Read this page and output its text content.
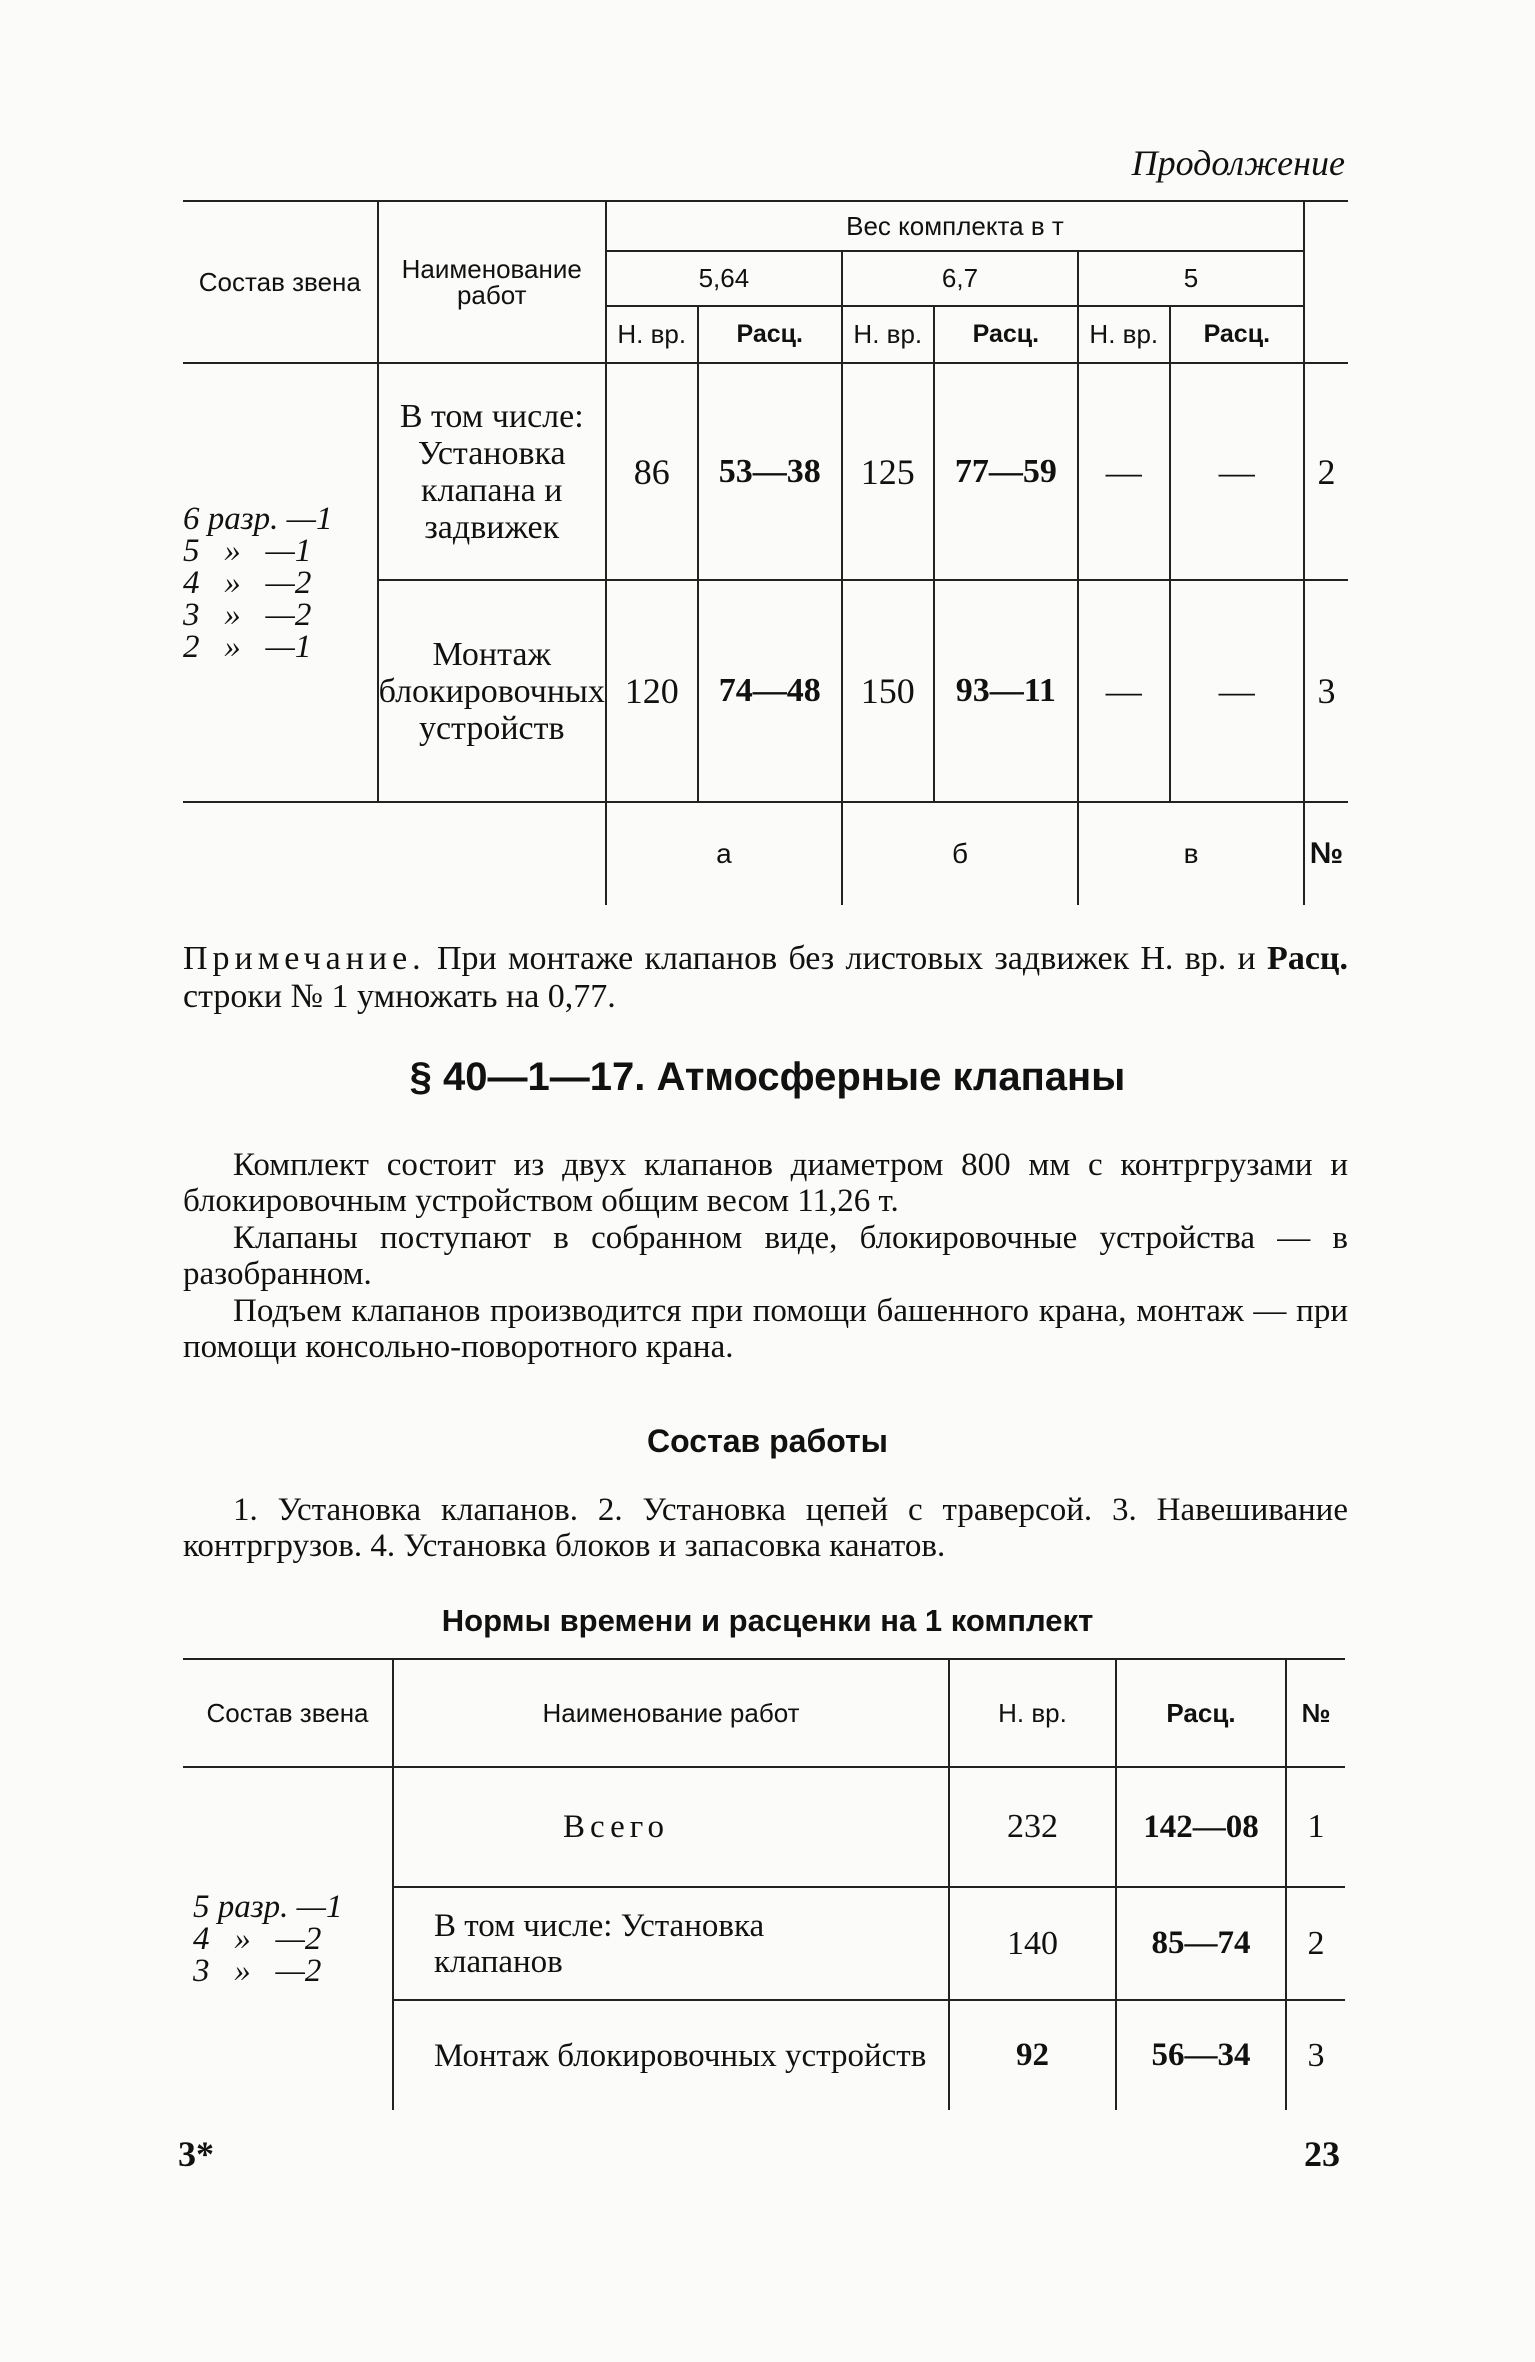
Продолжение
Состав звена	Наименование работ	Вес комплекта в т						
		5,64		6,7		5		
		Н. вр.	Расц.	Н. вр.	Расц.	Н. вр.	Расц.	

6 разр. —1
5   »   —1
4   »   —2
3   »   —2
2   »   —1	В том числе: Установка клапана и задвижек	86	53—38	125	77—59	—	—	2
	Монтаж блокировочных устройств	120	74—48	150	93—11	—	—	3
		а		б		в		№
Примечание. При монтаже клапанов без листовых задвижек Н. вр. и Расц. строки № 1 умножать на 0,77.
§ 40—1—17. Атмосферные клапаны
Комплект состоит из двух клапанов диаметром 800 мм с контргрузами и блокировочным устройством общим весом 11,26 т.
Клапаны поступают в собранном виде, блокировочные устройства — в разобранном.
Подъем клапанов производится при помощи башенного крана, монтаж — при помощи консольно-поворотного крана.
Состав работы
1. Установка клапанов. 2. Установка цепей с траверсой. 3. Навешивание контргрузов. 4. Установка блоков и запасовка канатов.
Нормы времени и расценки на 1 комплект
Состав звена	Наименование работ	Н. вр.	Расц.	№

5 разр. —1
4   »   —2
3   »   —2	Всего	232	142—08	1
	В том числе: Установка клапанов	140	85—74	2
	Монтаж блокировочных устройств	92	56—34	3
3*	23
